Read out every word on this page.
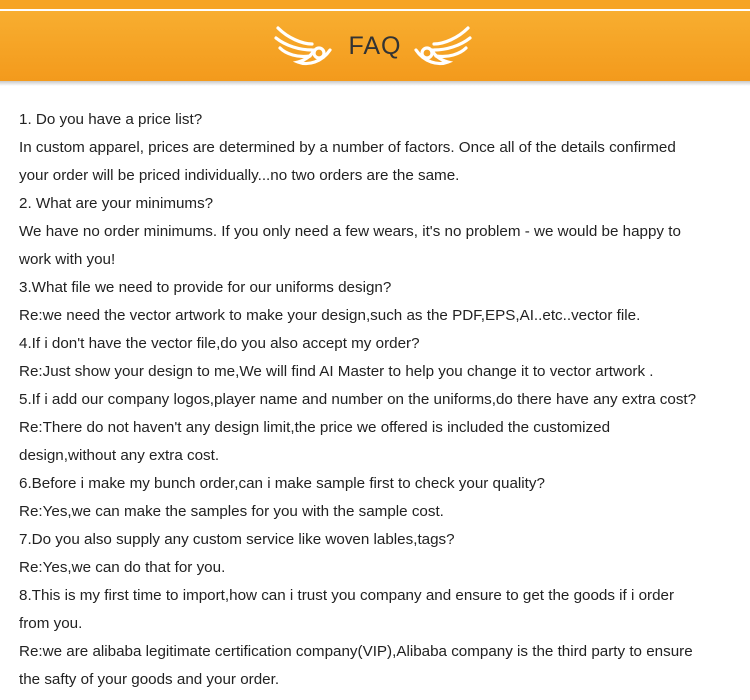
FAQ
1. Do you have a price list?
In custom apparel, prices are determined by a number of factors. Once all of the details confirmed
your order will be priced individually...no two orders are the same.
2. What are your minimums?
We have no order minimums. If you only need a few wears, it's no problem - we would be happy to
work with you!
3.What file we need to provide for our uniforms design?
Re:we need the vector artwork to make your design,such as the PDF,EPS,AI..etc..vector file.
4.If i don't have the vector file,do you also accept my order?
Re:Just show your design to me,We will find AI Master to help you change it to vector artwork .
5.If i add our company logos,player name and number on the uniforms,do there have any extra cost?
Re:There do not haven't any design limit,the price we offered is included the customized
design,without any extra cost.
6.Before i make my bunch order,can i make sample first to check your quality?
Re:Yes,we can make the samples for you with the sample cost.
7.Do you also supply any custom service like woven lables,tags?
Re:Yes,we can do that for you.
8.This is my first time to import,how can i trust you company and ensure to get the goods if i order
from you.
Re:we are alibaba legitimate certification company(VIP),Alibaba company is the third party to ensure
the safty of your goods and your order.
